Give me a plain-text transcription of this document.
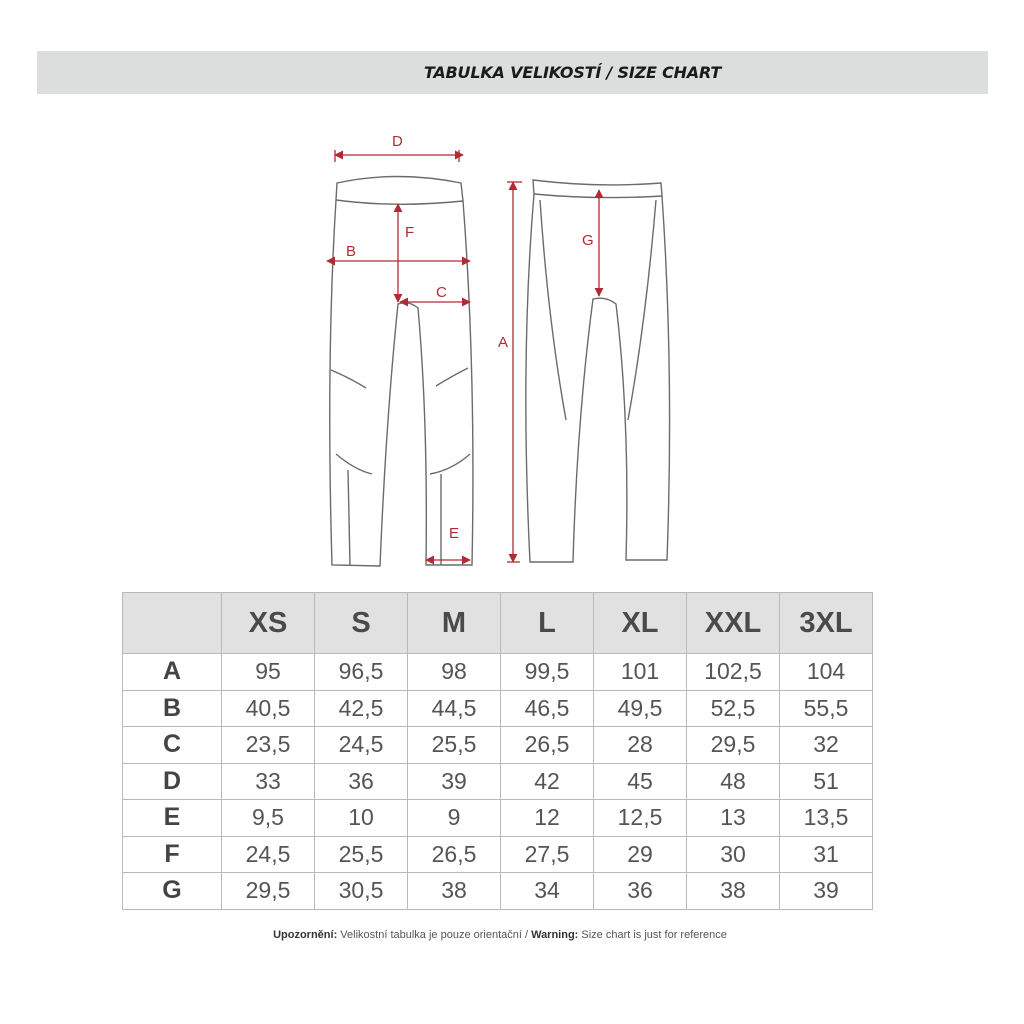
TABULKA VELIKOSTÍ / SIZE CHART
D
B
F
C
E
A
G
	XS	S	M	L	XL	XXL	3XL
A	95	96,5	98	99,5	101	102,5	104
B	40,5	42,5	44,5	46,5	49,5	52,5	55,5
C	23,5	24,5	25,5	26,5	28	29,5	32
D	33	36	39	42	45	48	51
E	9,5	10	9	12	12,5	13	13,5
F	24,5	25,5	26,5	27,5	29	30	31
G	29,5	30,5	38	34	36	38	39
Upozornění: Velikostní tabulka je pouze orientační / Warning: Size chart is just for reference
